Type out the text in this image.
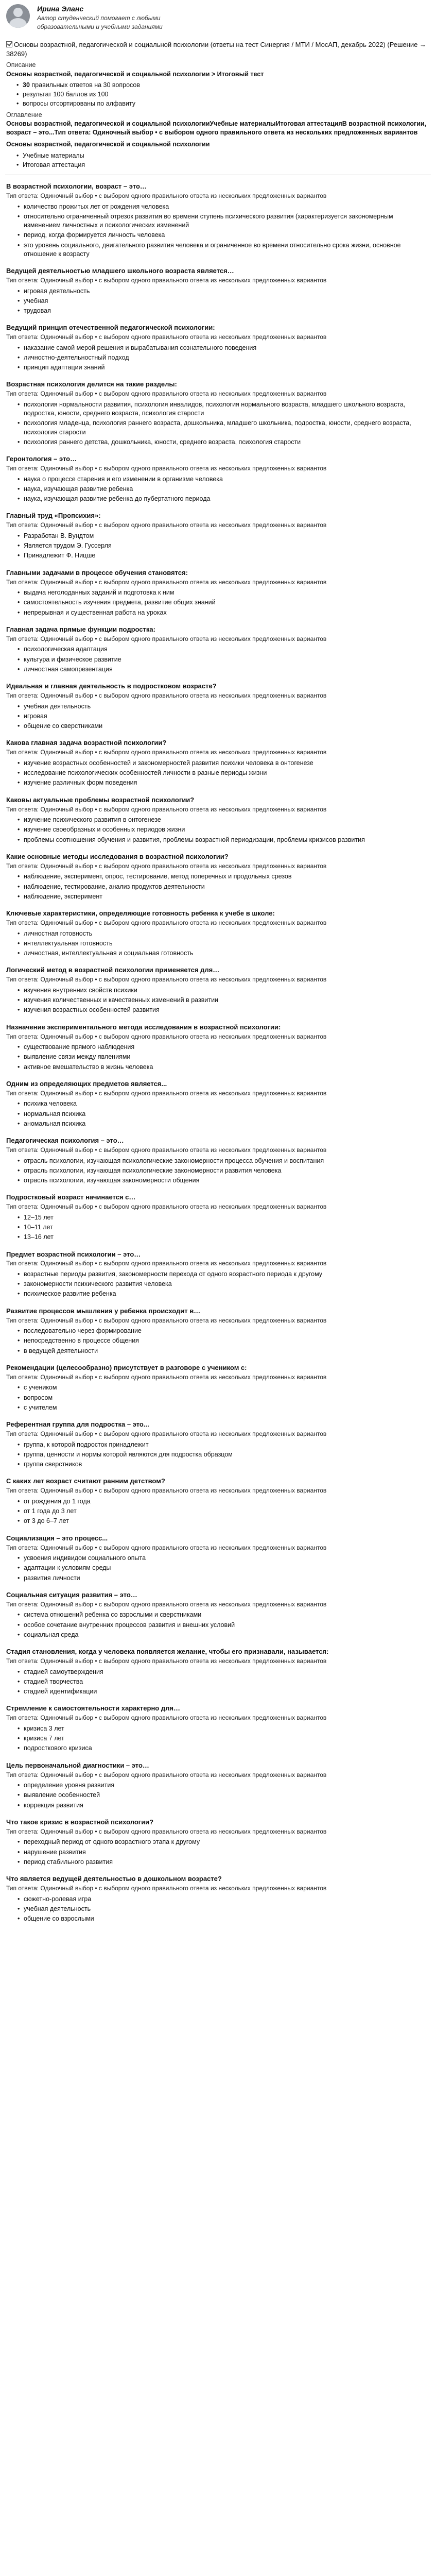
Ирина Эланс
Автор студенческий помогает с любыми образовательными и учебными заданиями
Основы возрастной, педагогической и социальной психологии (ответы на тест Синергия / МТИ / МосАП, декабрь 2022) (Решение → 38269)
Описание
Основы возрастной, педагогической и социальной психологии > Итоговый тест
• 30 правильных ответов на 30 вопросов
• результат 100 баллов из 100
• вопросы отсортированы по алфавиту
Оглавление
Основы возрастной, педагогической и социальной психологииУчебные материалыИтоговая аттестацияВ возрастной психологии, возраст – это...Тип ответа: Одиночный выбор • с выбором одного правильного ответа из нескольких предложенных вариантов
Основы возрастной, педагогической и социальной психологии
• Учебные материалы
• Итоговая аттестация
В возрастной психологии, возраст – это…
Тип ответа: Одиночный выбор • с выбором одного правильного ответа из нескольких предложенных вариантов
• количество прожитых лет от рождения человека
• относительно ограниченный отрезок развития во времени ступень психического развития (характеризуется закономерным изменением личностных и психологических изменений
• период, когда формируется личность человека
• это уровень социального, двигательного развития человека и ограниченное во времени относительно срока жизни, основное отношение к возрасту
Ведущей деятельностью младшего школьного возраста является…
Тип ответа: Одиночный выбор • с выбором одного правильного ответа из нескольких предложенных вариантов
• игровая деятельность
• учебная
• трудовая
Ведущий принцип отечественной педагогической психологии:
Тип ответа: Одиночный выбор • с выбором одного правильного ответа из нескольких предложенных вариантов
• наказание самой мерой решения и вырабатывания сознательного поведения
• личностно-деятельностный подход
• принцип адаптации знаний
Возрастная психология делится на такие разделы:
Тип ответа: Одиночный выбор • с выбором одного правильного ответа из нескольких предложенных вариантов
• психология нормальности развития, психология инвалидов, психология нормального возраста, младшего школьного возраста, подростка, юности, среднего возраста, психология старости
• психология младенца, психология раннего возраста, дошкольника, младшего школьника, подростка, юности, среднего возраста, психология старости
• психология раннего детства, дошкольника, юности, среднего возраста, психология старости
Геронтология – это…
Тип ответа: Одиночный выбор • с выбором одного правильного ответа из нескольких предложенных вариантов
• наука о процессе старения и его изменении в организме человека
• наука, изучающая развитие ребенка
• наука, изучающая развитие ребенка до пубертатного периода
Главный труд «Пропсихия»:
Тип ответа: Одиночный выбор • с выбором одного правильного ответа из нескольких предложенных вариантов
• Разработан В. Вундтом
• Является трудом Э. Гуссерля
• Принадлежит Ф. Ницше
Главными задачами в процессе обучения становятся:
Тип ответа: Одиночный выбор • с выбором одного правильного ответа из нескольких предложенных вариантов
• выдача неголоданных заданий и подготовка к ним
• самостоятельность изучения предмета, развитие общих знаний
• непрерывная и существенная работа на уроках
Главная задача прямые функции подростка:
Тип ответа: Одиночный выбор • с выбором одного правильного ответа из нескольких предложенных вариантов
• психологическая адаптация
• культура и физическое развитие
• личностная самопрезентация
Идеальная и главная деятельность в подростковом возрасте?
Тип ответа: Одиночный выбор • с выбором одного правильного ответа из нескольких предложенных вариантов
• учебная деятельность
• игровая
• общение со сверстниками
Какова главная задача возрастной психологии?
Тип ответа: Одиночный выбор • с выбором одного правильного ответа из нескольких предложенных вариантов
• изучение возрастных особенностей и закономерностей развития психики человека в онтогенезе
• исследование психологических особенностей личности в разные периоды жизни
• изучение различных форм поведения
Каковы актуальные проблемы возрастной психологии?
Тип ответа: Одиночный выбор • с выбором одного правильного ответа из нескольких предложенных вариантов
• изучение психического развития в онтогенезе
• изучение своеобразных и особенных периодов жизни
• проблемы соотношения обучения и развития, проблемы возрастной периодизации, проблемы кризисов развития
Какие основные методы исследования в возрастной психологии?
Тип ответа: Одиночный выбор • с выбором одного правильного ответа из нескольких предложенных вариантов
• наблюдение, эксперимент, опрос, тестирование, метод поперечных и продольных срезов
• наблюдение, тестирование, анализ продуктов деятельности
• наблюдение, эксперимент
Ключевые характеристики, определяющие готовность ребенка к учебе в школе:
Тип ответа: Одиночный выбор • с выбором одного правильного ответа из нескольких предложенных вариантов
• личностная готовность
• интеллектуальная готовность
• личностная, интеллектуальная и социальная готовность
Логический метод в возрастной психологии применяется для…
Тип ответа: Одиночный выбор • с выбором одного правильного ответа из нескольких предложенных вариантов
• изучения внутренних свойств психики
• изучения количественных и качественных изменений в развитии
• изучения возрастных особенностей развития
Назначение экспериментального метода исследования в возрастной психологии:
Тип ответа: Одиночный выбор • с выбором одного правильного ответа из нескольких предложенных вариантов
• существование прямого наблюдения
• выявление связи между явлениями
• активное вмешательство в жизнь человека
Одним из определяющих предметов является...
Тип ответа: Одиночный выбор • с выбором одного правильного ответа из нескольких предложенных вариантов
• психика человека
• нормальная психика
• аномальная психика
Педагогическая психология – это…
Тип ответа: Одиночный выбор • с выбором одного правильного ответа из нескольких предложенных вариантов
• отрасль психологии, изучающая психологические закономерности процесса обучения и воспитания
• отрасль психологии, изучающая психологические закономерности развития человека
• отрасль психологии, изучающая закономерности общения
Подростковый возраст начинается с…
Тип ответа: Одиночный выбор • с выбором одного правильного ответа из нескольких предложенных вариантов
• 12–15 лет
• 10–11 лет
• 13–16 лет
Предмет возрастной психологии – это…
Тип ответа: Одиночный выбор • с выбором одного правильного ответа из нескольких предложенных вариантов
• возрастные периоды развития, закономерности перехода от одного возрастного периода к другому
• закономерности психического развития человека
• психическое развитие ребенка
Развитие процессов мышления у ребенка происходит в…
Тип ответа: Одиночный выбор • с выбором одного правильного ответа из нескольких предложенных вариантов
• последовательно через формирование
• непосредственно в процессе общения
• в ведущей деятельности
Рекомендации (целесообразно) присутствует в разговоре с учеником с:
Тип ответа: Одиночный выбор • с выбором одного правильного ответа из нескольких предложенных вариантов
• с учеником
• вопросом
• с учителем
Референтная группа для подростка – это...
Тип ответа: Одиночный выбор • с выбором одного правильного ответа из нескольких предложенных вариантов
• группа, к которой подросток принадлежит
• группа, ценности и нормы которой являются для подростка образцом
• группа сверстников
С каких лет возраст считают ранним детством?
Тип ответа: Одиночный выбор • с выбором одного правильного ответа из нескольких предложенных вариантов
• от рождения до 1 года
• от 1 года до 3 лет
• от 3 до 6–7 лет
Социализация – это процесс...
Тип ответа: Одиночный выбор • с выбором одного правильного ответа из нескольких предложенных вариантов
• усвоения индивидом социального опыта
• адаптации к условиям среды
• развития личности
Социальная ситуация развития – это…
Тип ответа: Одиночный выбор • с выбором одного правильного ответа из нескольких предложенных вариантов
• система отношений ребенка со взрослыми и сверстниками
• особое сочетание внутренних процессов развития и внешних условий
• социальная среда
Стадия становления, когда у человека появляется желание, чтобы его признавали, называется:
Тип ответа: Одиночный выбор • с выбором одного правильного ответа из нескольких предложенных вариантов
• стадией самоутверждения
• стадией творчества
• стадией идентификации
Стремление к самостоятельности характерно для…
Тип ответа: Одиночный выбор • с выбором одного правильного ответа из нескольких предложенных вариантов
• кризиса 3 лет
• кризиса 7 лет
• подросткового кризиса
Цель первоначальной диагностики – это…
Тип ответа: Одиночный выбор • с выбором одного правильного ответа из нескольких предложенных вариантов
• определение уровня развития
• выявление особенностей
• коррекция развития
Что такое кризис в возрастной психологии?
Тип ответа: Одиночный выбор • с выбором одного правильного ответа из нескольких предложенных вариантов
• переходный период от одного возрастного этапа к другому
• нарушение развития
• период стабильного развития
Что является ведущей деятельностью в дошкольном возрасте?
Тип ответа: Одиночный выбор • с выбором одного правильного ответа из нескольких предложенных вариантов
• сюжетно-ролевая игра
• учебная деятельность
• общение со взрослыми
